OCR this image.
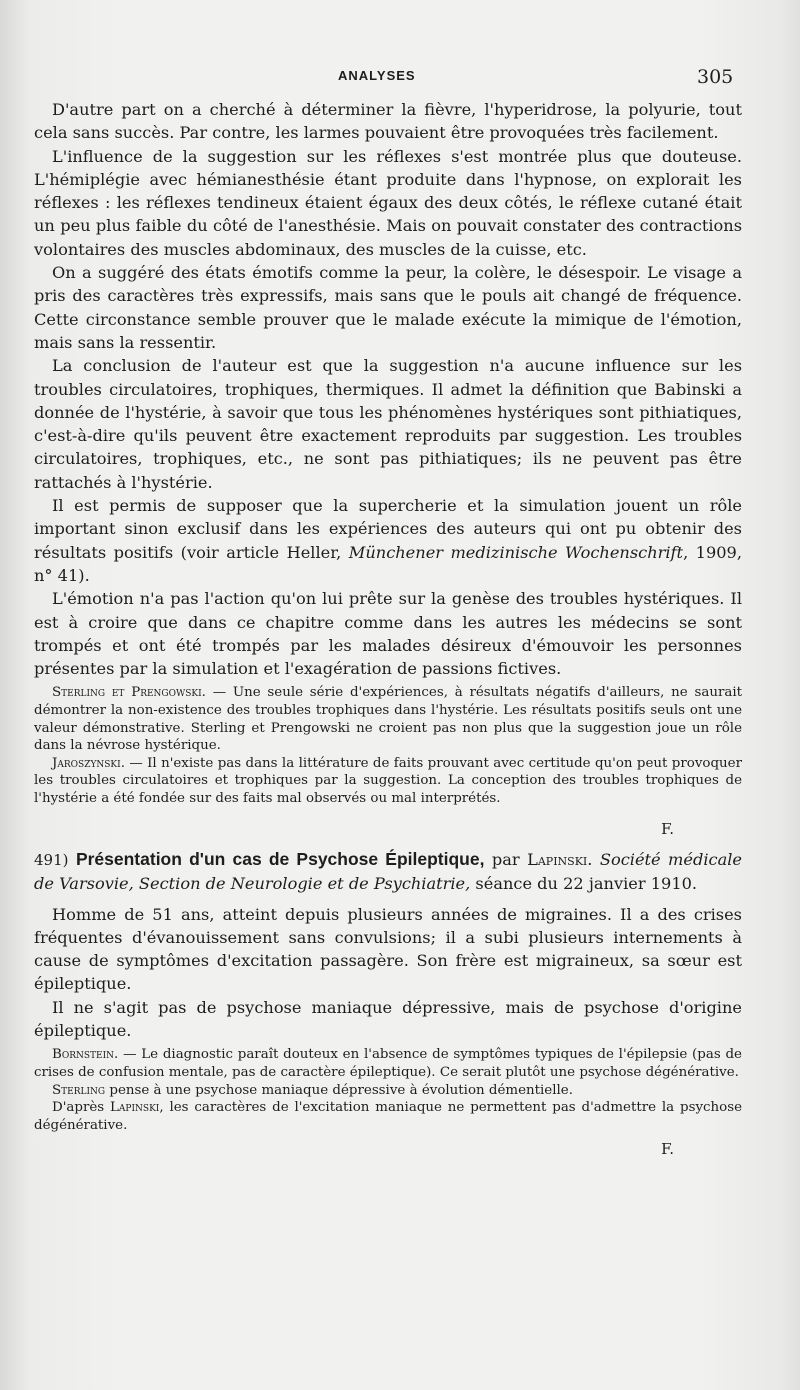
ANALYSES	305

D'autre part on a cherché à déterminer la fièvre, l'hyperidrose, la polyurie, tout cela sans succès. Par contre, les larmes pouvaient être provoquées très facilement.

L'influence de la suggestion sur les réflexes s'est montrée plus que douteuse. L'hémiplégie avec hémianesthésie étant produite dans l'hypnose, on explorait les réflexes : les réflexes tendineux étaient égaux des deux côtés, le réflexe cutané était un peu plus faible du côté de l'anesthésie. Mais on pouvait constater des contractions volontaires des muscles abdominaux, des muscles de la cuisse, etc.

On a suggéré des états émotifs comme la peur, la colère, le désespoir. Le visage a pris des caractères très expressifs, mais sans que le pouls ait changé de fréquence. Cette circonstance semble prouver que le malade exécute la mimique de l'émotion, mais sans la ressentir.

La conclusion de l'auteur est que la suggestion n'a aucune influence sur les troubles circulatoires, trophiques, thermiques. Il admet la définition que Babinski a donnée de l'hystérie, à savoir que tous les phénomènes hystériques sont pithiatiques, c'est-à-dire qu'ils peuvent être exactement reproduits par suggestion. Les troubles circulatoires, trophiques, etc., ne sont pas pithiatiques; ils ne peuvent pas être rattachés à l'hystérie.

Il est permis de supposer que la supercherie et la simulation jouent un rôle important sinon exclusif dans les expériences des auteurs qui ont pu obtenir des résultats positifs (voir article Heller, Münchener medizinische Wochenschrift, 1909, n° 41).

L'émotion n'a pas l'action qu'on lui prête sur la genèse des troubles hystériques. Il est à croire que dans ce chapitre comme dans les autres les médecins se sont trompés et ont été trompés par les malades désireux d'émouvoir les personnes présentes par la simulation et l'exagération de passions fictives.

Sterling et Prengowski. — Une seule série d'expériences, à résultats négatifs d'ailleurs, ne saurait démontrer la non-existence des troubles trophiques dans l'hystérie. Les résultats positifs seuls ont une valeur démonstrative. Sterling et Prengowski ne croient pas non plus que la suggestion joue un rôle dans la névrose hystérique.

Jaroszynski. — Il n'existe pas dans la littérature de faits prouvant avec certitude qu'on peut provoquer les troubles circulatoires et trophiques par la suggestion. La conception des troubles trophiques de l'hystérie a été fondée sur des faits mal observés ou mal interprétés.

F.

491) Présentation d'un cas de Psychose Épileptique, par Lapinski. Société médicale de Varsovie, Section de Neurologie et de Psychiatrie, séance du 22 janvier 1910.

Homme de 51 ans, atteint depuis plusieurs années de migraines. Il a des crises fréquentes d'évanouissement sans convulsions; il a subi plusieurs internements à cause de symptômes d'excitation passagère. Son frère est migraineux, sa sœur est épileptique.

Il ne s'agit pas de psychose maniaque dépressive, mais de psychose d'origine épileptique.

Bornstein. — Le diagnostic paraît douteux en l'absence de symptômes typiques de l'épilepsie (pas de crises de confusion mentale, pas de caractère épileptique). Ce serait plutôt une psychose dégénérative.

Sterling pense à une psychose maniaque dépressive à évolution démentielle.

D'après Lapinski, les caractères de l'excitation maniaque ne permettent pas d'admettre la psychose dégénérative.

F.
